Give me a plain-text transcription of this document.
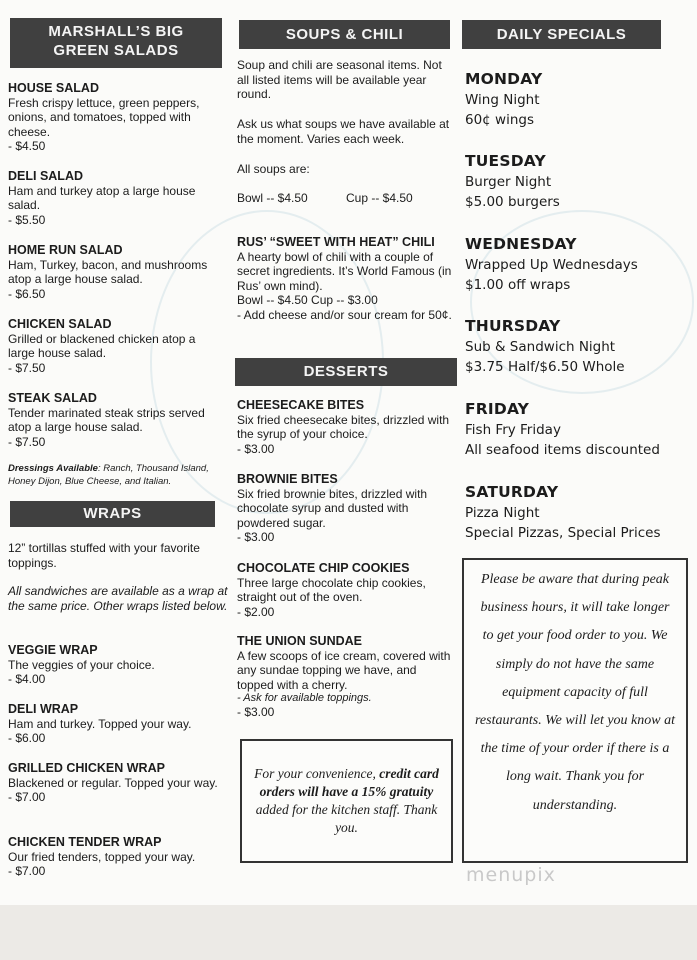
MARSHALL’S BIG
GREEN SALADS
HOUSE SALAD
Fresh crispy lettuce, green peppers, onions, and tomatoes, topped with cheese.
- $4.50
DELI SALAD
Ham and turkey atop a large house salad.
- $5.50
HOME RUN SALAD
Ham, Turkey, bacon, and mushrooms atop a large house salad.
- $6.50
CHICKEN SALAD
Grilled or blackened chicken atop a large house salad.
- $7.50
STEAK SALAD
Tender marinated steak strips served atop a large house salad.
- $7.50
Dressings Available: Ranch, Thousand Island, Honey Dijon, Blue Cheese, and Italian.
WRAPS
12” tortillas stuffed with your favorite toppings.
All sandwiches are available as a wrap at the same price. Other wraps listed below.
VEGGIE WRAP
The veggies of your choice.
- $4.00
DELI WRAP
Ham and turkey. Topped your way.
- $6.00
GRILLED CHICKEN WRAP
Blackened or regular. Topped your way.
- $7.00
CHICKEN TENDER WRAP
Our fried tenders, topped your way.
- $7.00
SOUPS & CHILI
Soup and chili are seasonal items. Not all listed items will be available year round.
Ask us what soups we have available at the moment. Varies each week.
All soups are:
Bowl -- $4.50	Cup -- $4.50
RUS’ “SWEET WITH HEAT” CHILI
A hearty bowl of chili with a couple of secret ingredients. It’s World Famous (in Rus’ own mind).
Bowl -- $4.50 Cup -- $3.00
- Add cheese and/or sour cream for 50¢.
DESSERTS
CHEESECAKE BITES
Six fried cheesecake bites, drizzled with the syrup of your choice.
- $3.00
BROWNIE BITES
Six fried brownie bites, drizzled with chocolate syrup and dusted with powdered sugar.
- $3.00
CHOCOLATE CHIP COOKIES
Three large chocolate chip cookies, straight out of the oven.
- $2.00
THE UNION SUNDAE
A few scoops of ice cream, covered with any sundae topping we have, and topped with a cherry.
- Ask for available toppings.
- $3.00
For your convenience, credit card orders will have a 15% gratuity added for the kitchen staff. Thank you.
DAILY SPECIALS
MONDAY
Wing Night
60¢ wings
TUESDAY
Burger Night
$5.00 burgers
WEDNESDAY
Wrapped Up Wednesdays
$1.00 off wraps
THURSDAY
Sub & Sandwich Night
$3.75 Half/$6.50 Whole
FRIDAY
Fish Fry Friday
All seafood items discounted
SATURDAY
Pizza Night
Special Pizzas, Special Prices
Please be aware that during peak business hours, it will take longer to get your food order to you. We simply do not have the same equipment capacity of full restaurants. We will let you know at the time of your order if there is a long wait. Thank you for understanding.
menupix
